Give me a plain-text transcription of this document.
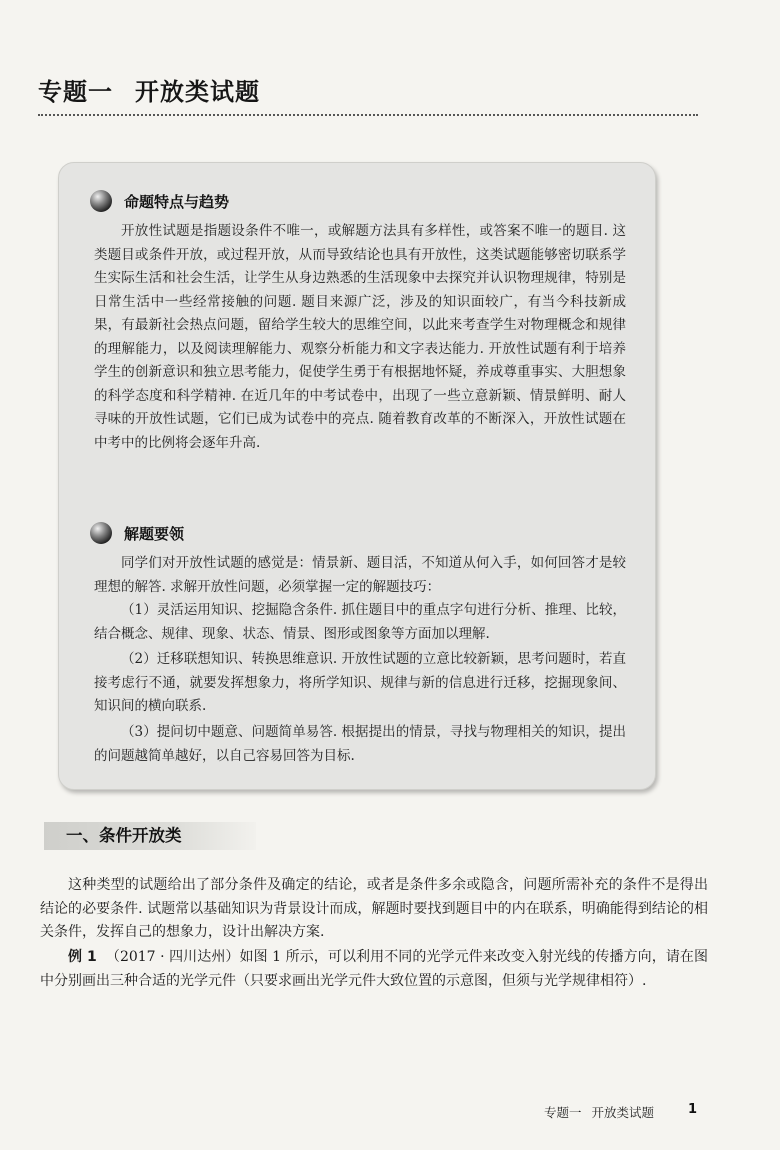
专题一 开放类试题
命题特点与趋势

开放性试题是指题设条件不唯一，或解题方法具有多样性，或答案不唯一的题目. 这类题目或条件开放，或过程开放，从而导致结论也具有开放性，这类试题能够密切联系学生实际生活和社会生活，让学生从身边熟悉的生活现象中去探究并认识物理规律，特别是日常生活中一些经常接触的问题. 题目来源广泛，涉及的知识面较广，有当今科技新成果，有最新社会热点问题，留给学生较大的思维空间，以此来考查学生对物理概念和规律的理解能力，以及阅读理解能力、观察分析能力和文字表达能力. 开放性试题有利于培养学生的创新意识和独立思考能力，促使学生勇于有根据地怀疑，养成尊重事实、大胆想象的科学态度和科学精神. 在近几年的中考试卷中，出现了一些立意新颖、情景鲜明、耐人寻味的开放性试题，它们已成为试卷中的亮点. 随着教育改革的不断深入，开放性试题在中考中的比例将会逐年升高.

解题要领

同学们对开放性试题的感觉是：情景新、题目活，不知道从何入手，如何回答才是较理想的解答. 求解开放性问题，必须掌握一定的解题技巧：

（1）灵活运用知识、挖掘隐含条件. 抓住题目中的重点字句进行分析、推理、比较，结合概念、规律、现象、状态、情景、图形或图象等方面加以理解.

（2）迁移联想知识、转换思维意识. 开放性试题的立意比较新颖，思考问题时，若直接考虑行不通，就要发挥想象力，将所学知识、规律与新的信息进行迁移，挖掘现象间、知识间的横向联系.

（3）提问切中题意、问题简单易答. 根据提出的情景，寻找与物理相关的知识，提出的问题越简单越好，以自己容易回答为目标.

一、条件开放类

这种类型的试题给出了部分条件及确定的结论，或者是条件多余或隐含，问题所需补充的条件不是得出结论的必要条件. 试题常以基础知识为背景设计而成，解题时要找到题目中的内在联系，明确能得到结论的相关条件，发挥自己的想象力，设计出解决方案.

例 1 （2017 · 四川达州）如图 1 所示，可以利用不同的光学元件来改变入射光线的传播方向，请在图中分别画出三种合适的光学元件（只要求画出光学元件大致位置的示意图，但须与光学规律相符）.

专题一 开放类试题	1
